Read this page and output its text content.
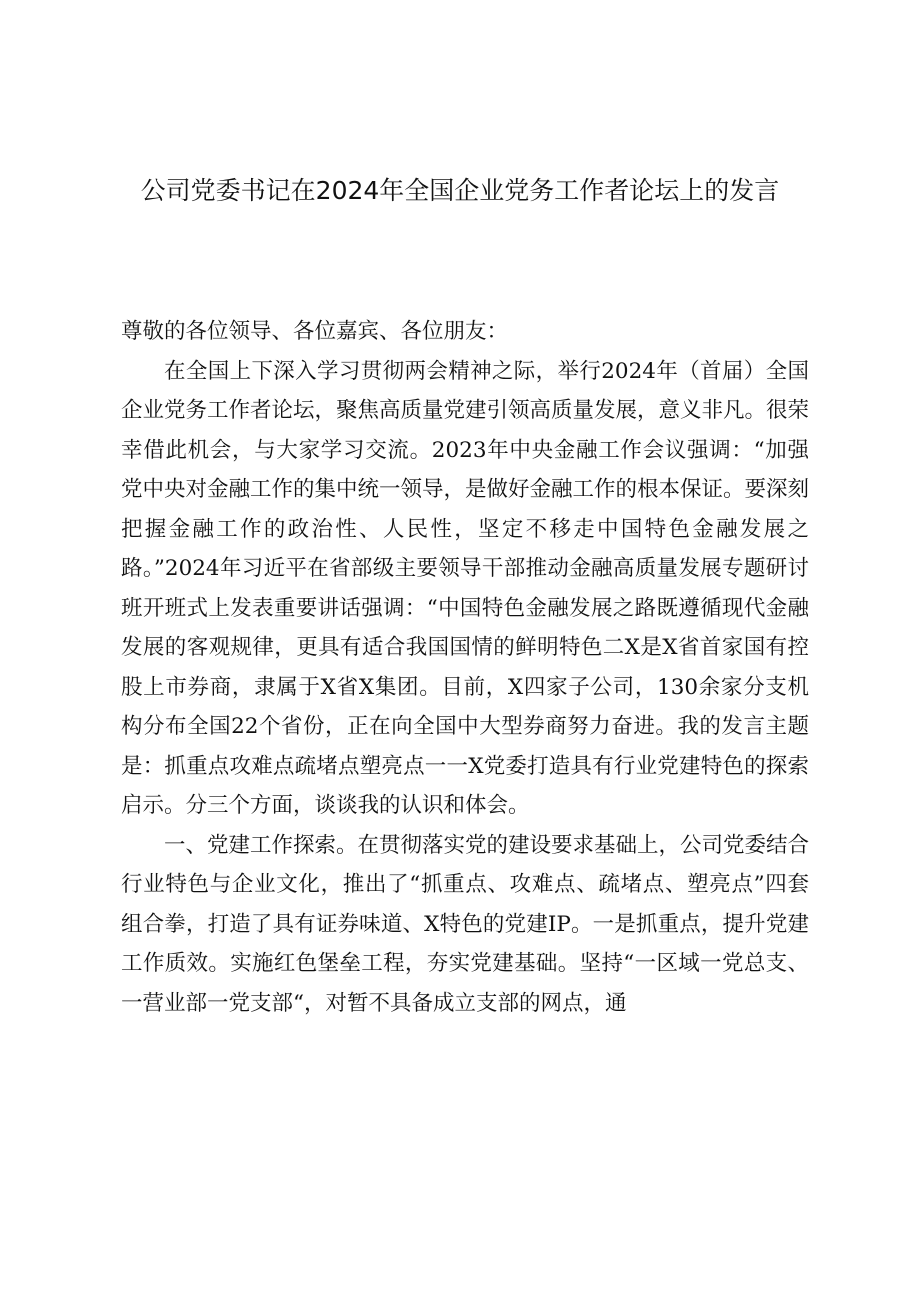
公司党委书记在2024年全国企业党务工作者论坛上的发言

尊敬的各位领导、各位嘉宾、各位朋友：

在全国上下深入学习贯彻两会精神之际，举行2024年（首届）全国企业党务工作者论坛，聚焦高质量党建引领高质量发展，意义非凡。很荣幸借此机会，与大家学习交流。2023年中央金融工作会议强调：“加强党中央对金融工作的集中统一领导，是做好金融工作的根本保证。要深刻把握金融工作的政治性、人民性，坚定不移走中国特色金融发展之路。”2024年习近平在省部级主要领导干部推动金融高质量发展专题研讨班开班式上发表重要讲话强调：“中国特色金融发展之路既遵循现代金融发展的客观规律，更具有适合我国国情的鲜明特色二X是X省首家国有控股上市券商，隶属于X省X集团。目前，X四家子公司，130余家分支机构分布全国22个省份，正在向全国中大型券商努力奋进。我的发言主题是：抓重点攻难点疏堵点塑亮点一一X党委打造具有行业党建特色的探索启示。分三个方面，谈谈我的认识和体会。

一、党建工作探索。在贯彻落实党的建设要求基础上，公司党委结合行业特色与企业文化，推出了“抓重点、攻难点、疏堵点、塑亮点”四套组合拳，打造了具有证券味道、X特色的党建IP。一是抓重点，提升党建工作质效。实施红色堡垒工程，夯实党建基础。坚持“一区域一党总支、一营业部一党支部“，对暂不具备成立支部的网点，通
